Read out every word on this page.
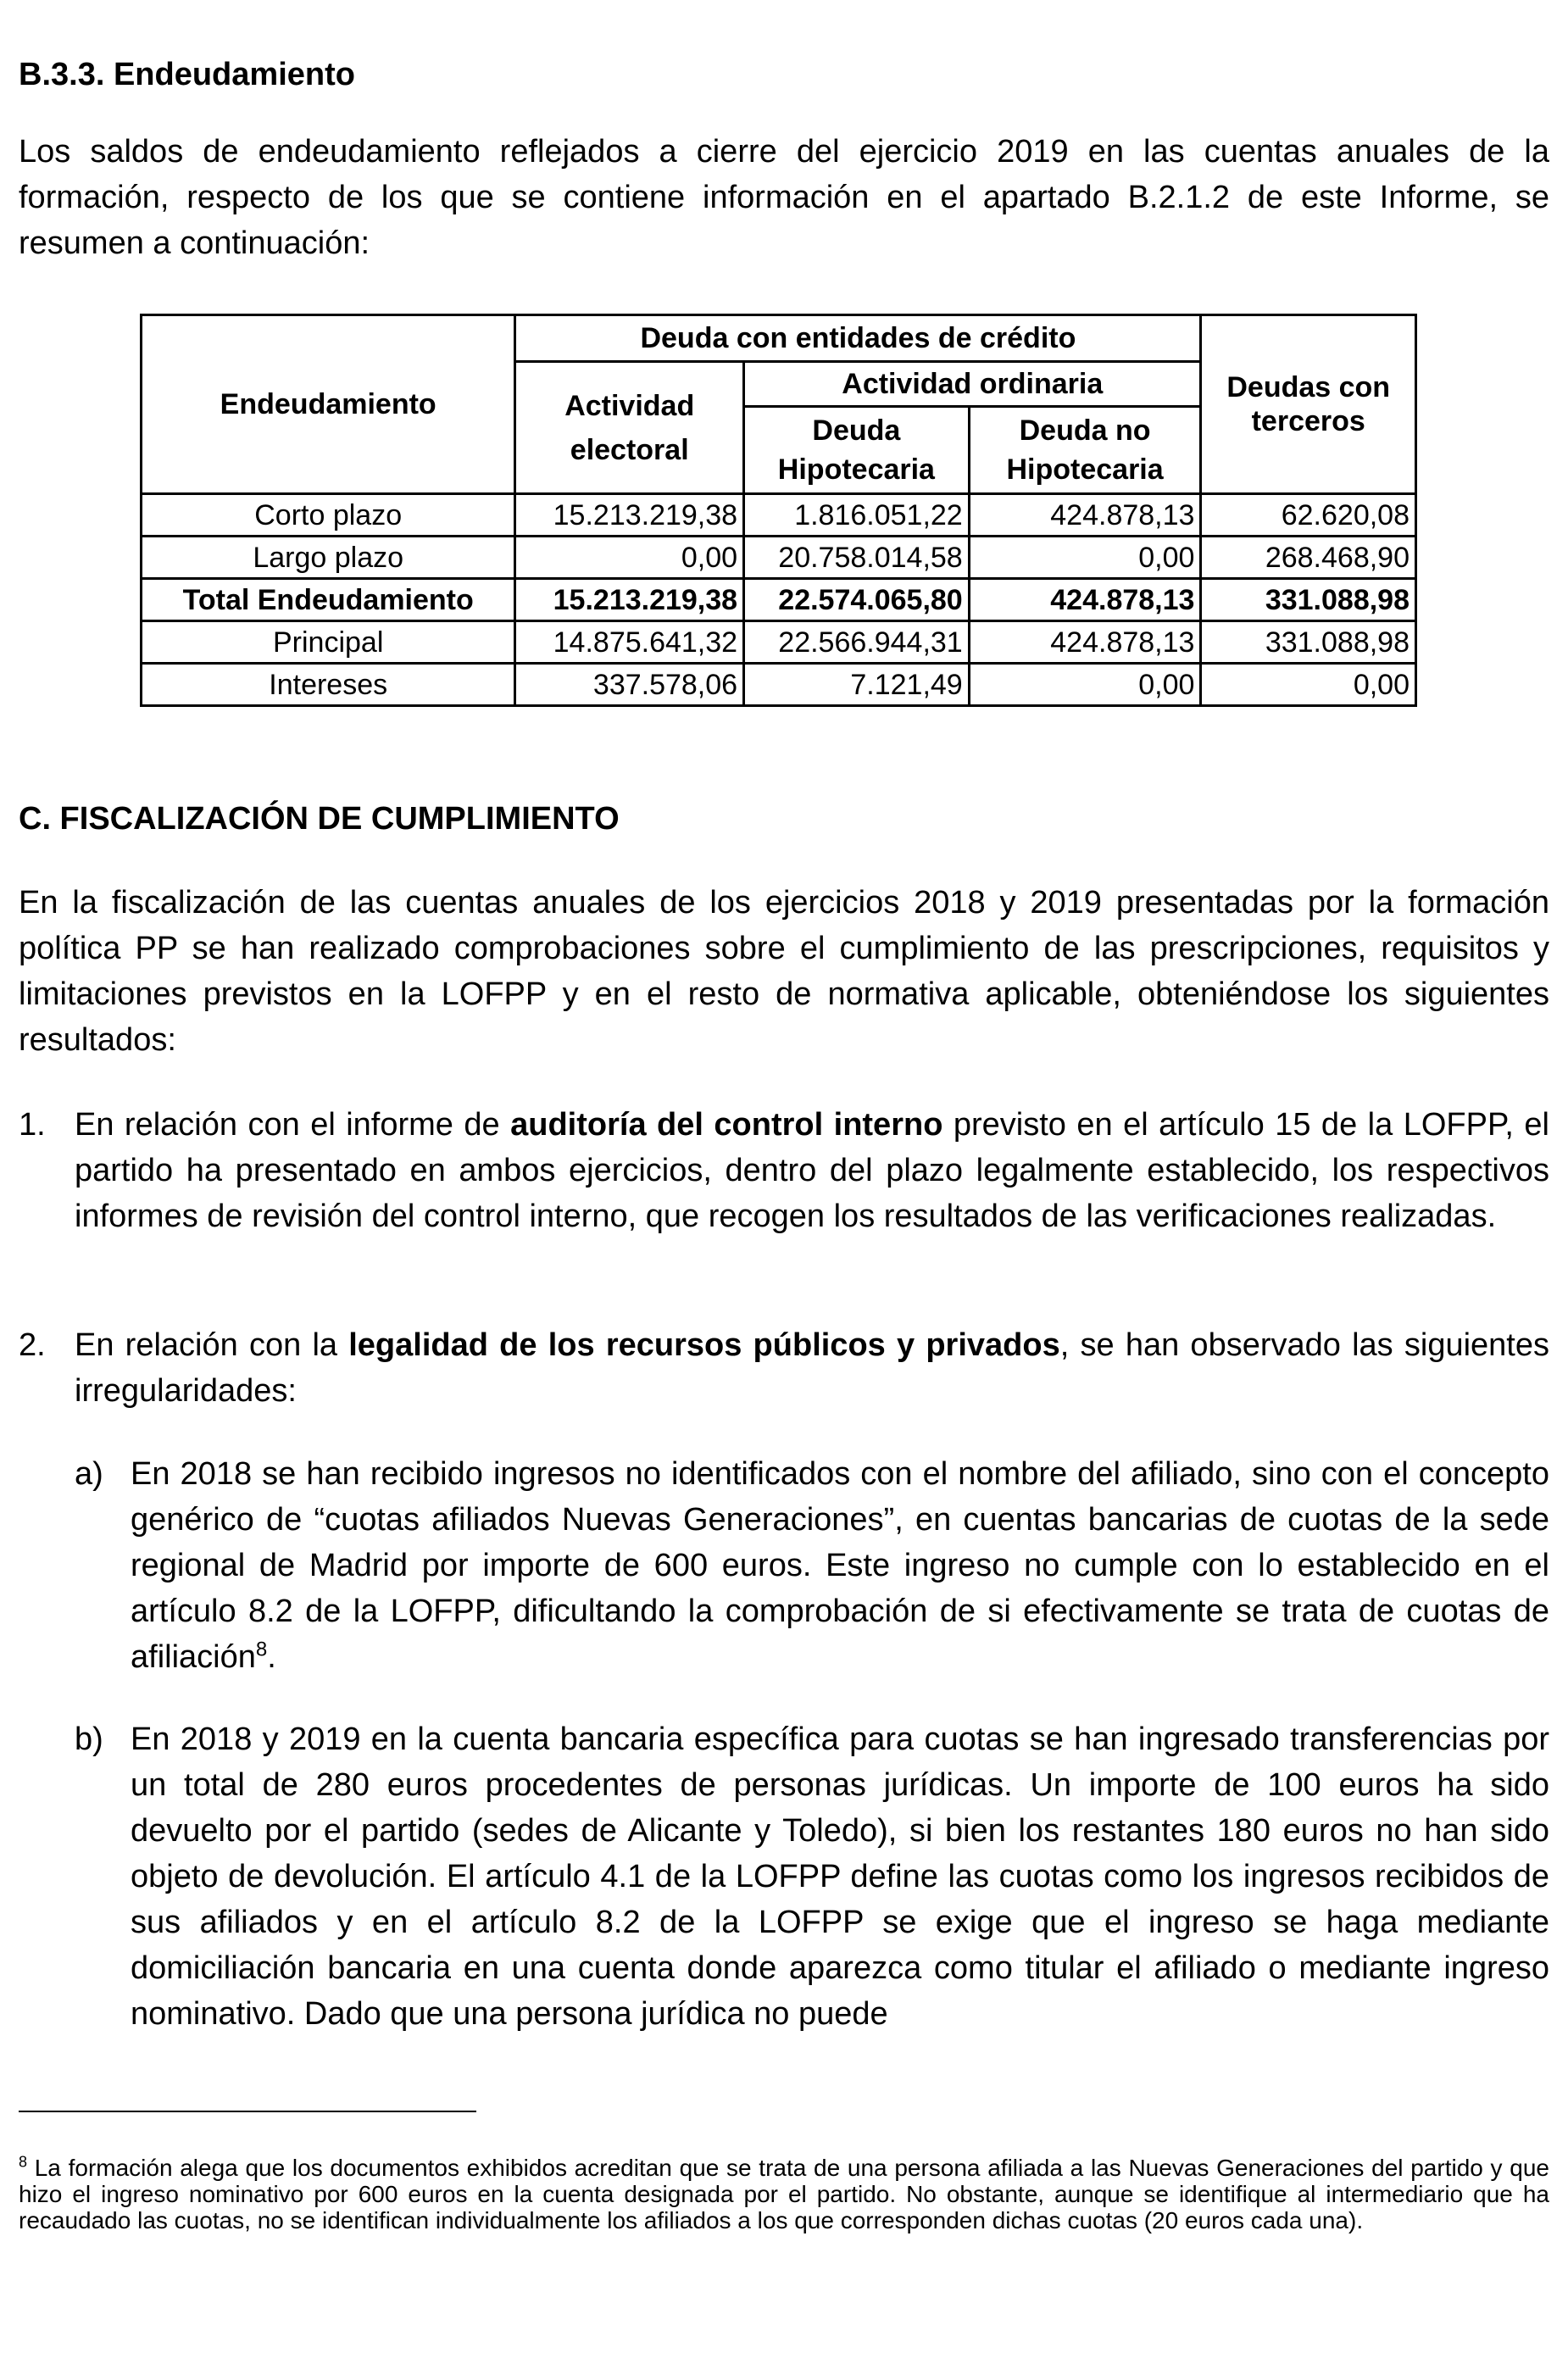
B.3.3. Endeudamiento
Los saldos de endeudamiento reflejados a cierre del ejercicio 2019 en las cuentas anuales de la formación, respecto de los que se contiene información en el apartado B.2.1.2 de este Informe, se resumen a continuación:
Endeudamiento	Deuda con entidades de crédito			Deudas con terceros

	Actividad electoral	Actividad ordinaria		

		Deuda Hipotecaria	Deuda no Hipotecaria	

Corto plazo	15.213.219,38	1.816.051,22	424.878,13	62.620,08
Largo plazo	0,00	20.758.014,58	0,00	268.468,90
Total Endeudamiento	15.213.219,38	22.574.065,80	424.878,13	331.088,98
Principal	14.875.641,32	22.566.944,31	424.878,13	331.088,98
Intereses	337.578,06	7.121,49	0,00	0,00
C. FISCALIZACIÓN DE CUMPLIMIENTO
En la fiscalización de las cuentas anuales de los ejercicios 2018 y 2019 presentadas por la formación política PP se han realizado comprobaciones sobre el cumplimiento de las prescripciones, requisitos y limitaciones previstos en la LOFPP y en el resto de normativa aplicable, obteniéndose los siguientes resultados:
1. En relación con el informe de auditoría del control interno previsto en el artículo 15 de la LOFPP, el partido ha presentado en ambos ejercicios, dentro del plazo legalmente establecido, los respectivos informes de revisión del control interno, que recogen los resultados de las verificaciones realizadas.
2. En relación con la legalidad de los recursos públicos y privados, se han observado las siguientes irregularidades:
a) En 2018 se han recibido ingresos no identificados con el nombre del afiliado, sino con el concepto genérico de “cuotas afiliados Nuevas Generaciones”, en cuentas bancarias de cuotas de la sede regional de Madrid por importe de 600 euros. Este ingreso no cumple con lo establecido en el artículo 8.2 de la LOFPP, dificultando la comprobación de si efectivamente se trata de cuotas de afiliación$^8$.
b) En 2018 y 2019 en la cuenta bancaria específica para cuotas se han ingresado transferencias por un total de 280 euros procedentes de personas jurídicas. Un importe de 100 euros ha sido devuelto por el partido (sedes de Alicante y Toledo), si bien los restantes 180 euros no han sido objeto de devolución. El artículo 4.1 de la LOFPP define las cuotas como los ingresos recibidos de sus afiliados y en el artículo 8.2 de la LOFPP se exige que el ingreso se haga mediante domiciliación bancaria en una cuenta donde aparezca como titular el afiliado o mediante ingreso nominativo. Dado que una persona jurídica no puede
$^8$ La formación alega que los documentos exhibidos acreditan que se trata de una persona afiliada a las Nuevas Generaciones del partido y que hizo el ingreso nominativo por 600 euros en la cuenta designada por el partido. No obstante, aunque se identifique al intermediario que ha recaudado las cuotas, no se identifican individualmente los afiliados a los que corresponden dichas cuotas (20 euros cada una).
